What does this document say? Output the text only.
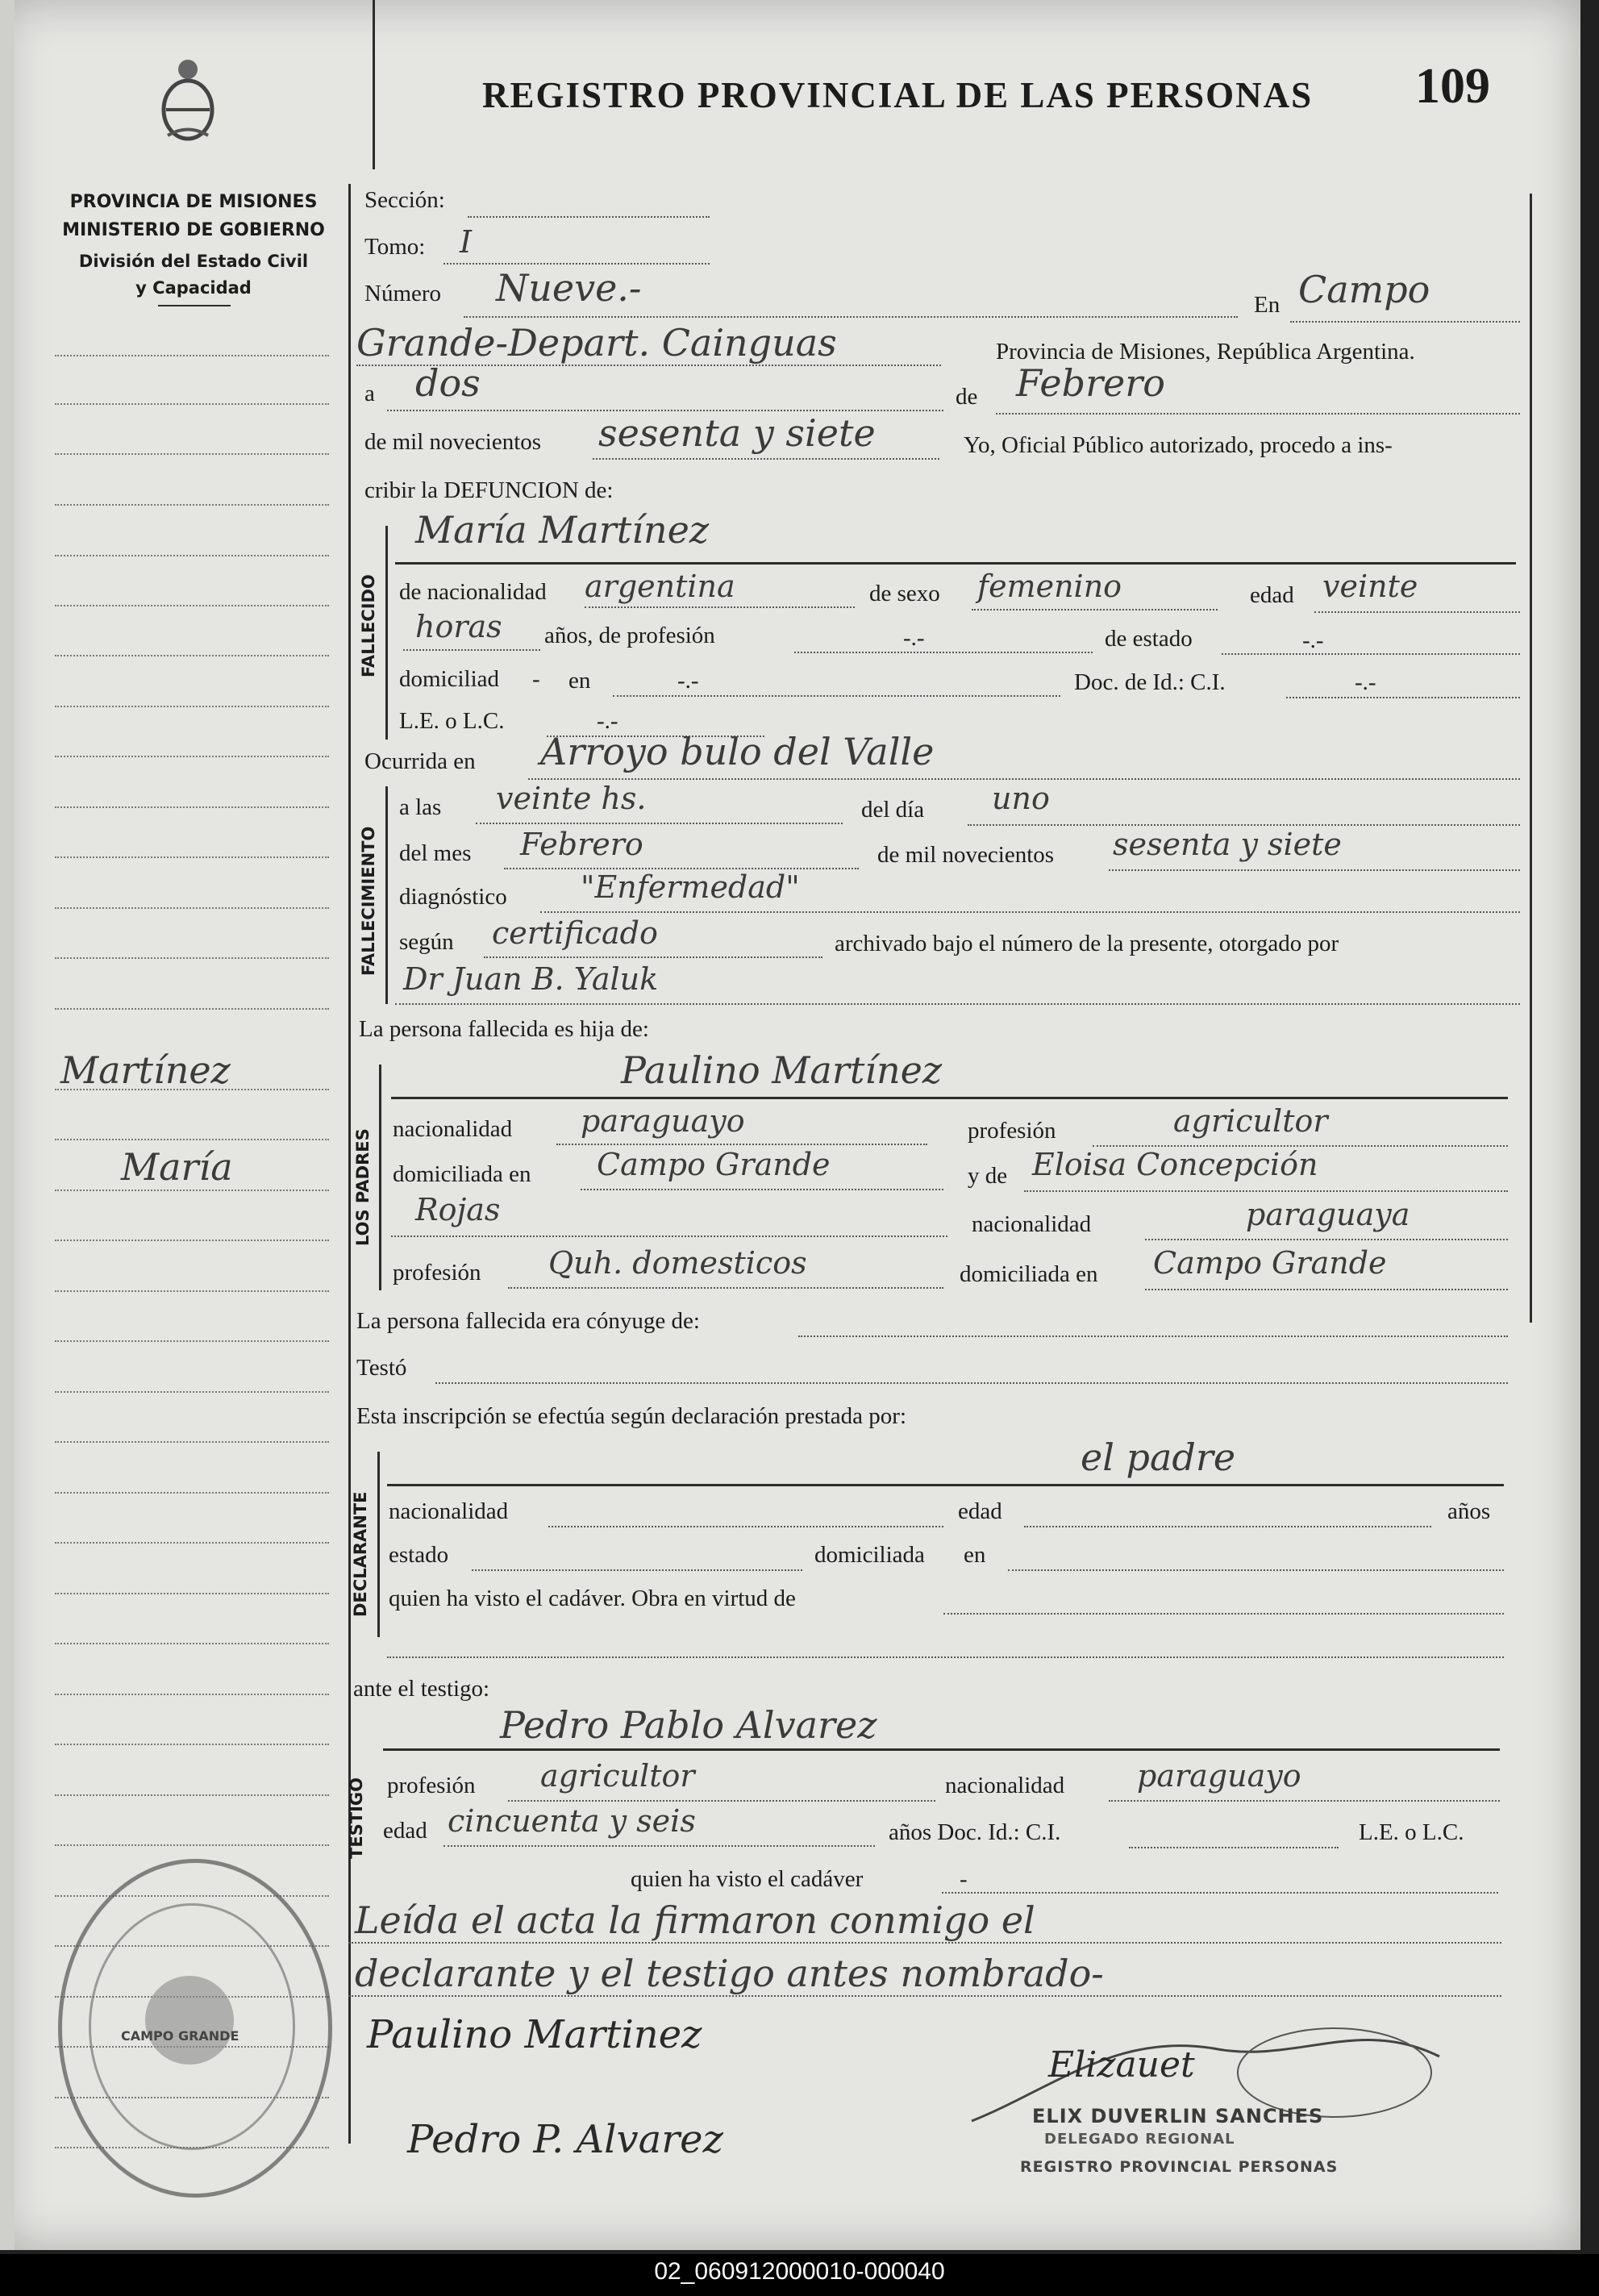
PROVINCIA DE MISIONES
MINISTERIO DE GOBIERNO
División del Estado Civil
y Capacidad
REGISTRO PROVINCIAL DE LAS PERSONAS 109
Martínez
María
Sección:
Tomo: I
Número Nueve.-	En Campo
Grande-Depart. Cainguas	Provincia de Misiones, República Argentina.
a dos	de Febrero
de mil novecientos sesenta y siete	Yo, Oficial Público autorizado, procedo a ins-
cribir la DEFUNCION de:
FALLECIDO
María Martínez
de nacionalidad argentina	de sexo femenino	edad veinte
horas años, de profesión	-.-	de estado	-.-
domiciliad - en	-.-	Doc. de Id.: C.I.	-.-
L.E. o L.C.	-.-
Ocurrida en Arroyo bulo del Valle
FALLECIMIENTO
a las veinte hs.	del día uno
del mes Febrero	de mil novecientos sesenta y siete
diagnóstico "Enfermedad"
según certificado	archivado bajo el número de la presente, otorgado por
Dr Juan B. Yaluk
La persona fallecida es hija de:
LOS PADRES
Paulino Martínez
nacionalidad paraguayo	profesión	agricultor
domiciliada en Campo Grande	y de Eloisa Concepción
Rojas	nacionalidad	paraguaya
profesión Quh. domesticos	domiciliada en Campo Grande
La persona fallecida era cónyuge de:
Testó
Esta inscripción se efectúa según declaración prestada por:
DECLARANTE
el padre
nacionalidad	edad	años
estado	domiciliada en
quien ha visto el cadáver. Obra en virtud de
ante el testigo:
TESTIGO
Pedro Pablo Alvarez
profesión agricultor	nacionalidad paraguayo
edad cincuenta y seis	años Doc. Id.: C.I.	L.E. o L.C.
quien ha visto el cadáver	-
Leída el acta la firmaron conmigo el
declarante y el testigo antes nombrado-
Paulino Martinez
Pedro P. Alvarez
Elizauet
ELIX DUVERLIN SANCHES
DELEGADO REGIONAL
REGISTRO PROVINCIAL PERSONAS
CAMPO GRANDE
02_060912000010-000040
